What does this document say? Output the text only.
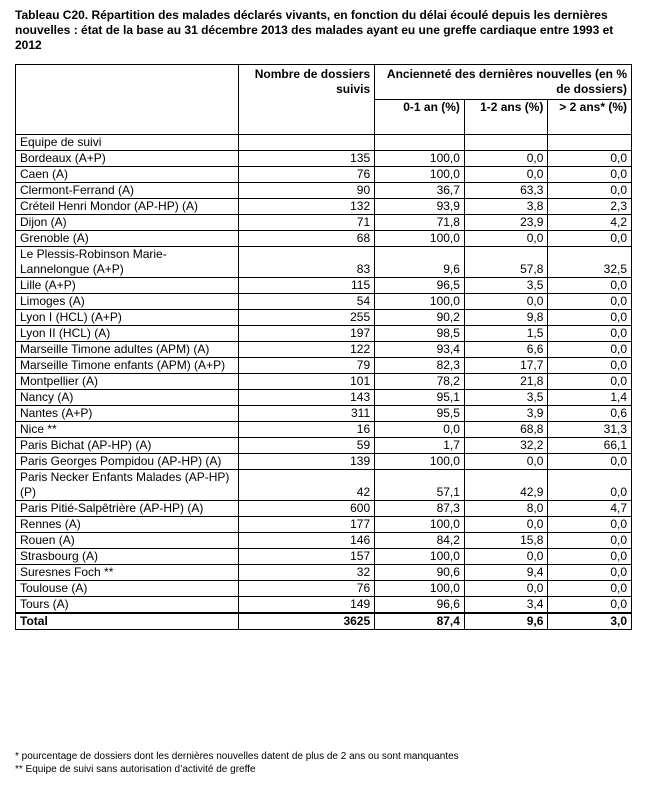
Tableau C20. Répartition des malades déclarés vivants, en fonction du délai écoulé depuis les dernières nouvelles : état de la base au 31 décembre 2013 des malades ayant eu une greffe cardiaque entre 1993 et 2012
	Nombre de dossiers suivis	Ancienneté des dernières nouvelles (en % de dossiers)		
		0-1 an (%)	1-2 ans (%)	> 2 ans* (%)
Equipe de suivi				
Bordeaux (A+P)	135	100,0	0,0	0,0
Caen (A)	76	100,0	0,0	0,0
Clermont-Ferrand (A)	90	36,7	63,3	0,0
Créteil Henri Mondor (AP-HP) (A)	132	93,9	3,8	2,3
Dijon (A)	71	71,8	23,9	4,2
Grenoble (A)	68	100,0	0,0	0,0
Le Plessis-Robinson Marie-Lannelongue (A+P)	83	9,6	57,8	32,5
Lille (A+P)	115	96,5	3,5	0,0
Limoges (A)	54	100,0	0,0	0,0
Lyon I (HCL) (A+P)	255	90,2	9,8	0,0
Lyon II (HCL) (A)	197	98,5	1,5	0,0
Marseille Timone adultes (APM) (A)	122	93,4	6,6	0,0
Marseille Timone enfants (APM) (A+P)	79	82,3	17,7	0,0
Montpellier (A)	101	78,2	21,8	0,0
Nancy (A)	143	95,1	3,5	1,4
Nantes (A+P)	311	95,5	3,9	0,6
Nice **	16	0,0	68,8	31,3
Paris Bichat (AP-HP) (A)	59	1,7	32,2	66,1
Paris Georges Pompidou (AP-HP) (A)	139	100,0	0,0	0,0
Paris Necker Enfants Malades (AP-HP) (P)	42	57,1	42,9	0,0
Paris Pitié-Salpêtrière (AP-HP) (A)	600	87,3	8,0	4,7
Rennes (A)	177	100,0	0,0	0,0
Rouen (A)	146	84,2	15,8	0,0
Strasbourg (A)	157	100,0	0,0	0,0
Suresnes Foch **	32	90,6	9,4	0,0
Toulouse (A)	76	100,0	0,0	0,0
Tours (A)	149	96,6	3,4	0,0
Total	3625	87,4	9,6	3,0
* pourcentage de dossiers dont les dernières nouvelles datent de plus de 2 ans ou sont manquantes
** Equipe de suivi sans autorisation d’activité de greffe
